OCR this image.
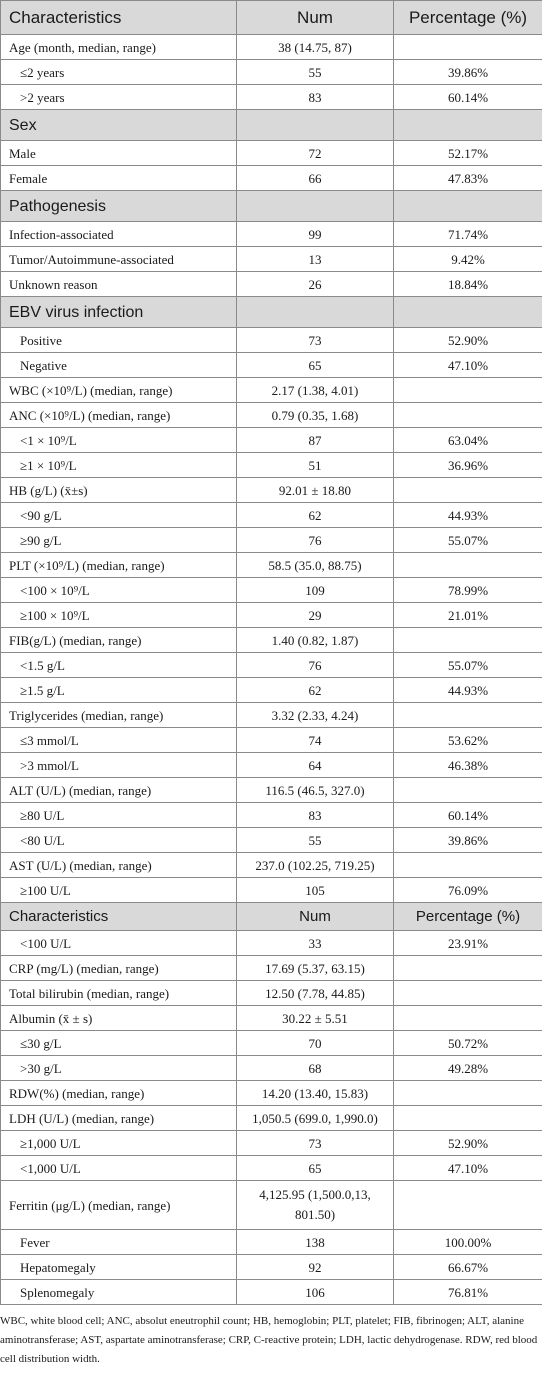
Characteristics	Num	Percentage (%)
Age (month, median, range)	38 (14.75, 87)	
≤2 years	55	39.86%
>2 years	83	60.14%
Sex		
Male	72	52.17%
Female	66	47.83%
Pathogenesis		
Infection-associated	99	71.74%
Tumor/Autoimmune-associated	13	9.42%
Unknown reason	26	18.84%
EBV virus infection		
Positive	73	52.90%
Negative	65	47.10%
WBC (×10⁹/L) (median, range)	2.17 (1.38, 4.01)	
ANC (×10⁹/L) (median, range)	0.79 (0.35, 1.68)	
<1 × 10⁹/L	87	63.04%
≥1 × 10⁹/L	51	36.96%
HB (g/L) (x̄±s)	92.01 ± 18.80	
<90 g/L	62	44.93%
≥90 g/L	76	55.07%
PLT (×10⁹/L) (median, range)	58.5 (35.0, 88.75)	
<100 × 10⁹/L	109	78.99%
≥100 × 10⁹/L	29	21.01%
FIB(g/L) (median, range)	1.40 (0.82, 1.87)	
<1.5 g/L	76	55.07%
≥1.5 g/L	62	44.93%
Triglycerides (median, range)	3.32 (2.33, 4.24)	
≤3 mmol/L	74	53.62%
>3 mmol/L	64	46.38%
ALT (U/L) (median, range)	116.5 (46.5, 327.0)	
≥80 U/L	83	60.14%
<80 U/L	55	39.86%
AST (U/L) (median, range)	237.0 (102.25, 719.25)	
≥100 U/L	105	76.09%
Characteristics	Num	Percentage (%)
<100 U/L	33	23.91%
CRP (mg/L) (median, range)	17.69 (5.37, 63.15)	
Total bilirubin (median, range)	12.50 (7.78, 44.85)	
Albumin (x̄ ± s)	30.22 ± 5.51	
≤30 g/L	70	50.72%
>30 g/L	68	49.28%
RDW(%) (median, range)	14.20 (13.40, 15.83)	
LDH (U/L) (median, range)	1,050.5 (699.0, 1,990.0)	
≥1,000 U/L	73	52.90%
<1,000 U/L	65	47.10%
Ferritin (μg/L) (median, range)	4,125.95 (1,500.0,13, 801.50)	
Fever	138	100.00%
Hepatomegaly	92	66.67%
Splenomegaly	106	76.81%
WBC, white blood cell; ANC, absolut eneutrophil count; HB, hemoglobin; PLT, platelet; FIB, fibrinogen; ALT, alanine aminotransferase; AST, aspartate aminotransferase; CRP, C-reactive protein; LDH, lactic dehydrogenase. RDW, red blood cell distribution width.
